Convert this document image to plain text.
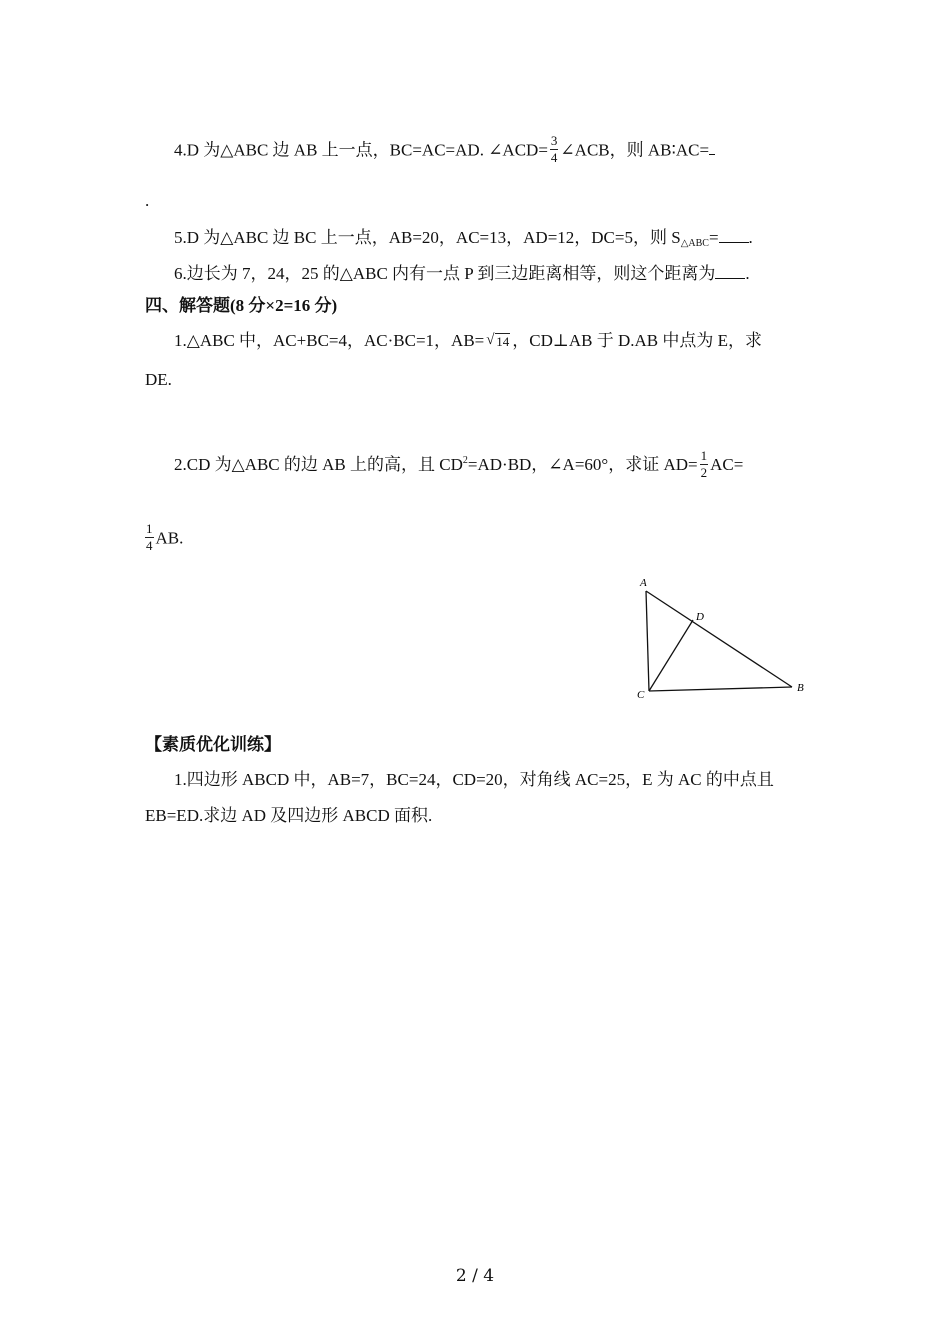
4.D 为△ABC 边 AB 上一点，BC=AC=AD. ∠ACD= $\frac{3}{4}$ ∠ACB，则 AB∶AC=
.
5.D 为△ABC 边 BC 上一点，AB=20，AC=13，AD=12，DC=5，则 $S_{\triangle ABC}=$ .
6.边长为 7，24，25 的△ABC 内有一点 P 到三边距离相等，则这个距离为 .
四、解答题(8 分×2=16 分)
1.△ABC 中，AC+BC=4，AC·BC=1，AB= √ 14 ，CD⊥AB 于 D.AB 中点为 E，求
DE.
2.CD 为△ABC 的边 AB 上的高，且 $CD^2=AD\cdot BD$，∠A=60°，求证 $AD= \frac{1}{2} AC=$
$\frac{1}{4}$ AB.
A
D
C
B
【素质优化训练】
1.四边形 ABCD 中，AB=7，BC=24，CD=20，对角线 AC=25，E 为 AC 的中点且
EB=ED.求边 AD 及四边形 ABCD 面积.
2 / 4
